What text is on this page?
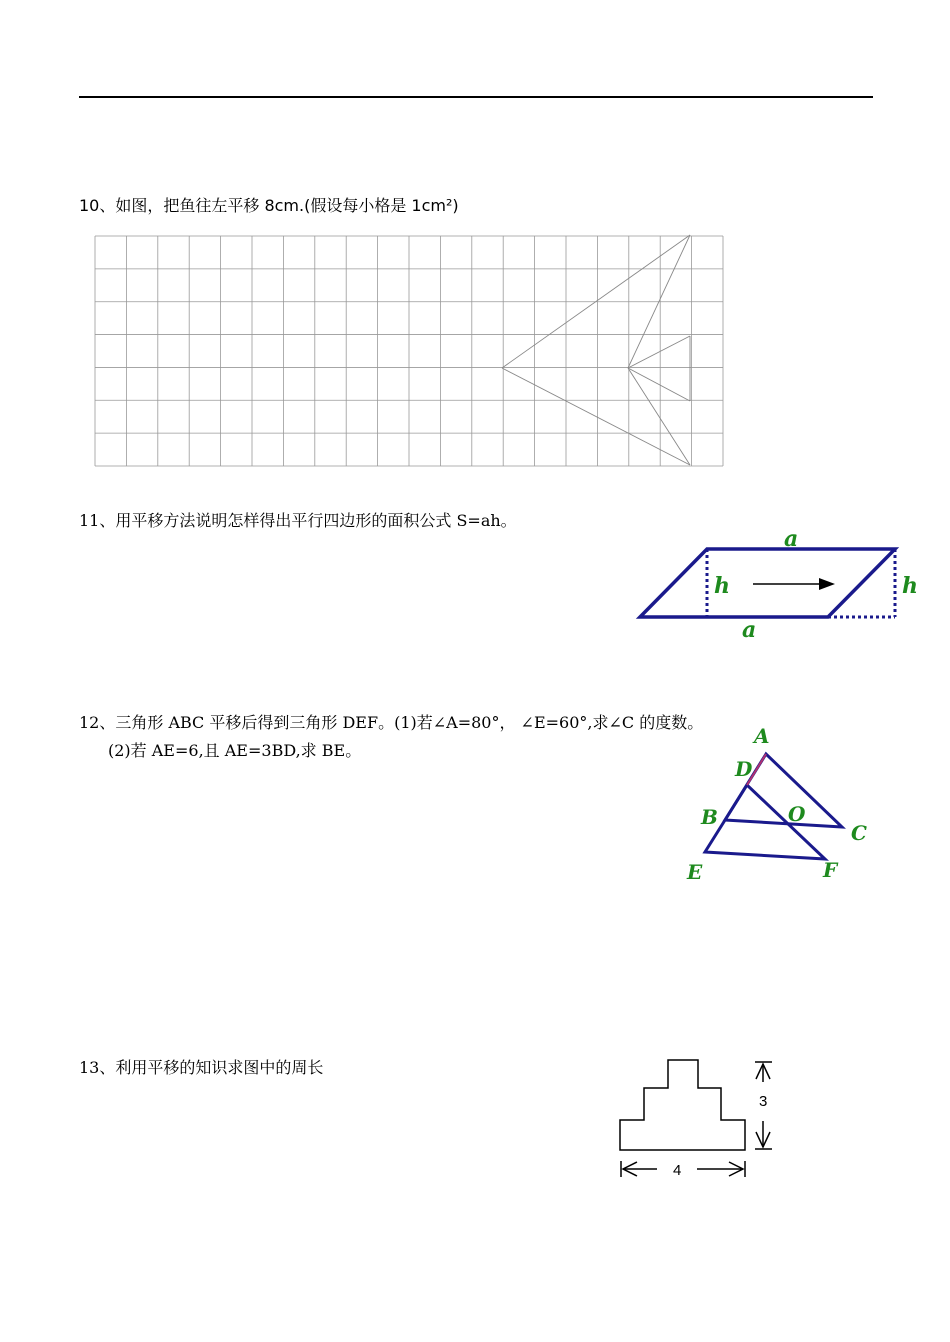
10、如图，把鱼往左平移 8cm.(假设每小格是 1cm²)
11、用平移方法说明怎样得出平行四边形的面积公式 S=ah。
a
a
h	h
12、三角形 ABC 平移后得到三角形 DEF。(1)若∠A=80°， ∠E=60°,求∠C 的度数。
(2)若 AE=6,且 AE=3BD,求 BE。
A
D
B	O
C
E	F
13、利用平移的知识求图中的周长
3
4
